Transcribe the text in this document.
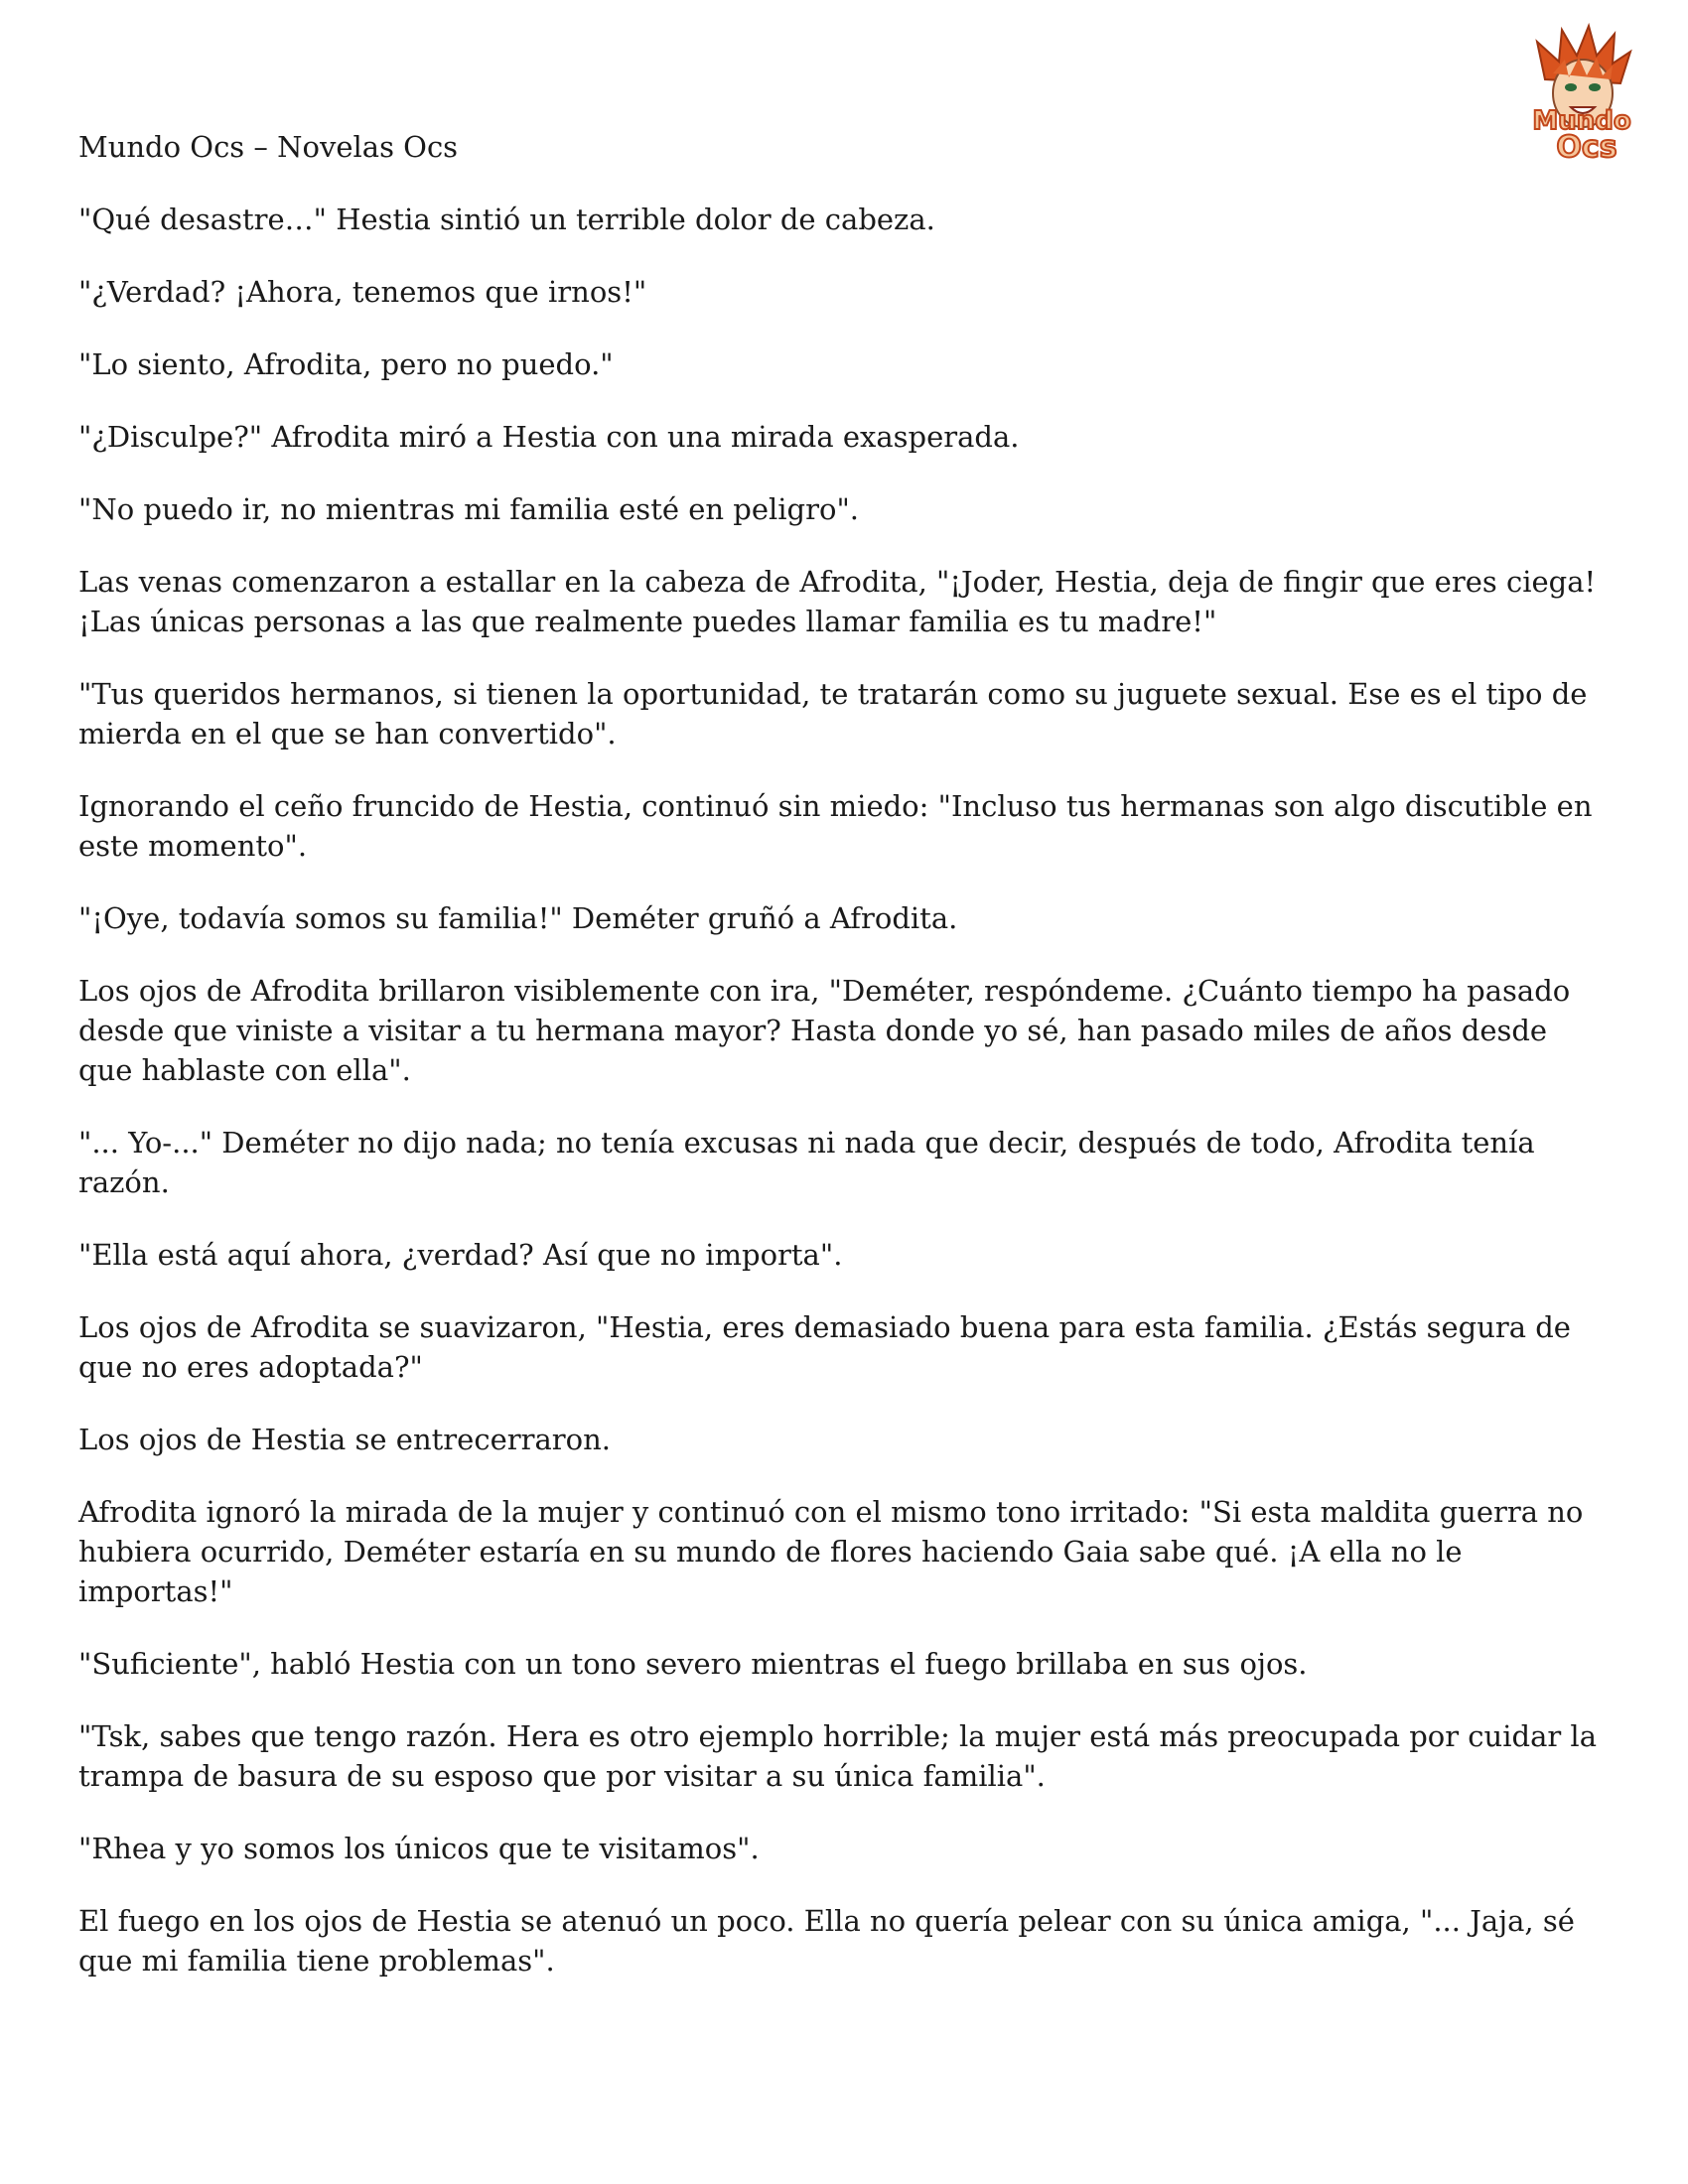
Mundo
Ocs

Mundo Ocs – Novelas Ocs

"Qué desastre…" Hestia sintió un terrible dolor de cabeza.

"¿Verdad? ¡Ahora, tenemos que irnos!"

"Lo siento, Afrodita, pero no puedo."

"¿Disculpe?" Afrodita miró a Hestia con una mirada exasperada.

"No puedo ir, no mientras mi familia esté en peligro".

Las venas comenzaron a estallar en la cabeza de Afrodita, "¡Joder, Hestia, deja de fingir que eres ciega! ¡Las únicas personas a las que realmente puedes llamar familia es tu madre!"

"Tus queridos hermanos, si tienen la oportunidad, te tratarán como su juguete sexual. Ese es el tipo de mierda en el que se han convertido".

Ignorando el ceño fruncido de Hestia, continuó sin miedo: "Incluso tus hermanas son algo discutible en este momento".

"¡Oye, todavía somos su familia!" Deméter gruñó a Afrodita.

Los ojos de Afrodita brillaron visiblemente con ira, "Deméter, respóndeme. ¿Cuánto tiempo ha pasado desde que viniste a visitar a tu hermana mayor? Hasta donde yo sé, han pasado miles de años desde que hablaste con ella".

"... Yo-..." Deméter no dijo nada; no tenía excusas ni nada que decir, después de todo, Afrodita tenía razón.

"Ella está aquí ahora, ¿verdad? Así que no importa".

Los ojos de Afrodita se suavizaron, "Hestia, eres demasiado buena para esta familia. ¿Estás segura de que no eres adoptada?"

Los ojos de Hestia se entrecerraron.

Afrodita ignoró la mirada de la mujer y continuó con el mismo tono irritado: "Si esta maldita guerra no hubiera ocurrido, Deméter estaría en su mundo de flores haciendo Gaia sabe qué. ¡A ella no le importas!"

"Suficiente", habló Hestia con un tono severo mientras el fuego brillaba en sus ojos.

"Tsk, sabes que tengo razón. Hera es otro ejemplo horrible; la mujer está más preocupada por cuidar la trampa de basura de su esposo que por visitar a su única familia".

"Rhea y yo somos los únicos que te visitamos".

El fuego en los ojos de Hestia se atenuó un poco. Ella no quería pelear con su única amiga, "... Jaja, sé que mi familia tiene problemas".
